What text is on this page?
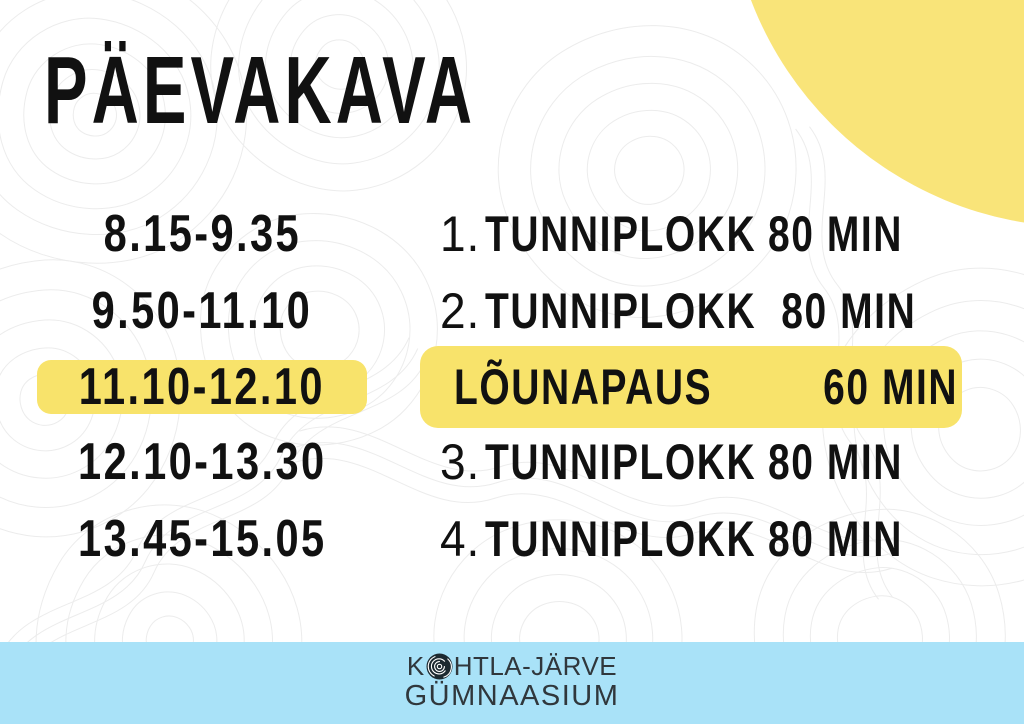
PÄEVAKAVA
8.15-9.35	1. TUNNIPLOKK 80 MIN
9.50-11.10	2. TUNNIPLOKK 80 MIN
11.10-12.10	LÕUNAPAUS 60 MIN
12.10-13.30 3. TUNNIPLOKK 80 MIN
13.45-15.05 4. TUNNIPLOKK 80 MIN
K HTLA-JÄRVE
GÜMNAASIUM
